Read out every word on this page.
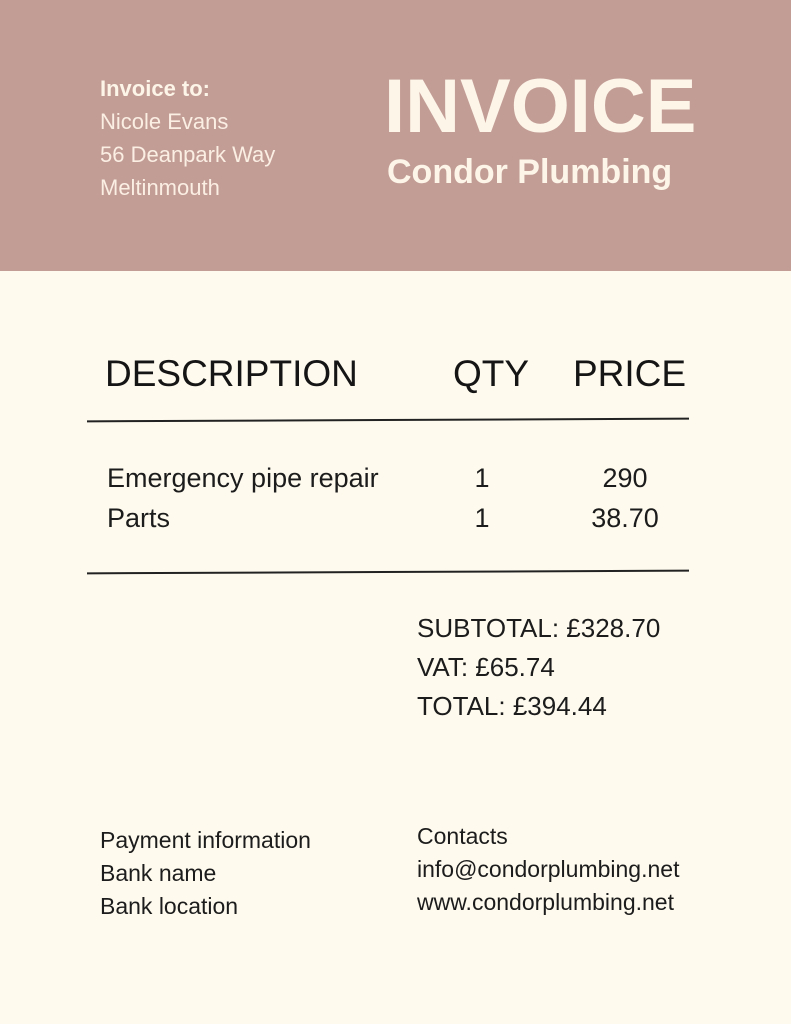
Invoice to:
Nicole Evans
56 Deanpark Way
Meltinmouth
INVOICE
Condor Plumbing
DESCRIPTION	QTY PRICE
Emergency pipe repair	1	290
Parts	1	38.70
SUBTOTAL: £328.70
VAT: £65.74
TOTAL: £394.44
Payment information
Bank name
Bank location
Contacts
info@condorplumbing.net
www.condorplumbing.net
